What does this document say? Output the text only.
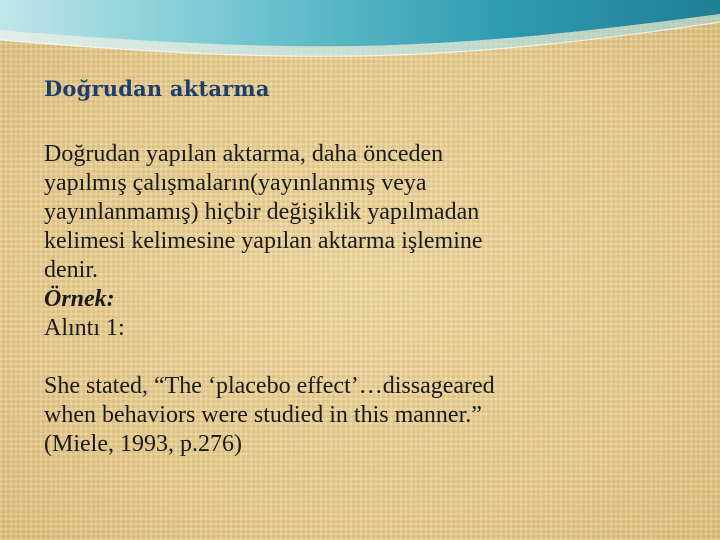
Doğrudan aktarma

Doğrudan yapılan aktarma, daha önceden

yapılmış çalışmaların(yayınlanmış veya

yayınlanmamış) hiçbir değişiklik yapılmadan

kelimesi kelimesine yapılan aktarma işlemine

denir.

Örnek:

Alıntı 1:

She stated, “The ‘placebo effect’…dissageared

when behaviors were studied in this manner.”

(Miele, 1993, p.276)
